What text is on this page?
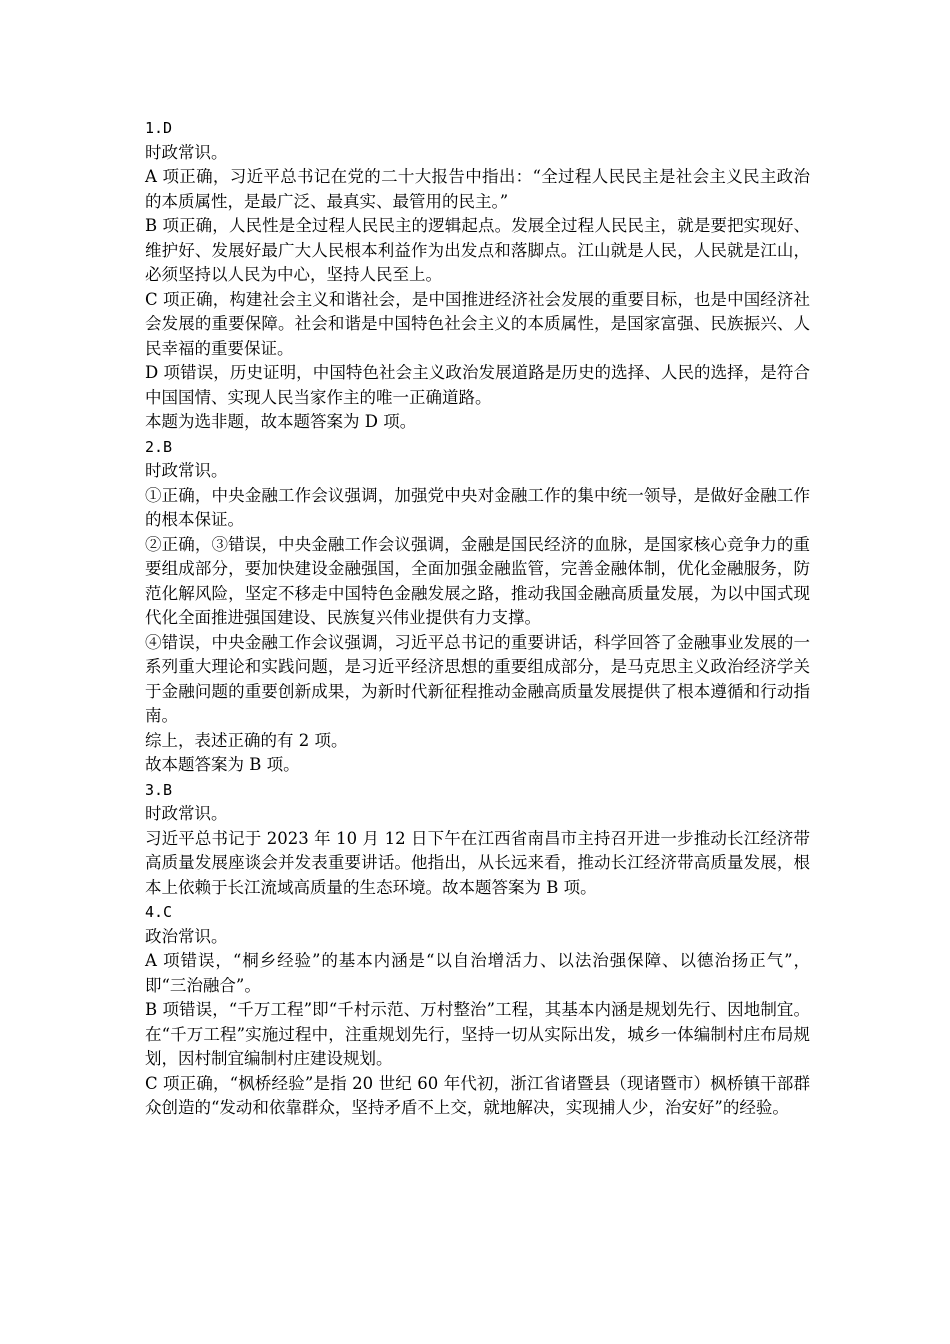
1.D

时政常识。

A 项正确，习近平总书记在党的二十大报告中指出：“全过程人民民主是社会主义民主政治的本质属性，是最广泛、最真实、最管用的民主。”

B 项正确，人民性是全过程人民民主的逻辑起点。发展全过程人民民主，就是要把实现好、维护好、发展好最广大人民根本利益作为出发点和落脚点。江山就是人民，人民就是江山，必须坚持以人民为中心，坚持人民至上。

C 项正确，构建社会主义和谐社会，是中国推进经济社会发展的重要目标，也是中国经济社会发展的重要保障。社会和谐是中国特色社会主义的本质属性，是国家富强、民族振兴、人民幸福的重要保证。

D 项错误，历史证明，中国特色社会主义政治发展道路是历史的选择、人民的选择，是符合中国国情、实现人民当家作主的唯一正确道路。

本题为选非题，故本题答案为 D 项。

2.B

时政常识。

①正确，中央金融工作会议强调，加强党中央对金融工作的集中统一领导，是做好金融工作的根本保证。

②正确，③错误，中央金融工作会议强调，金融是国民经济的血脉，是国家核心竞争力的重要组成部分，要加快建设金融强国，全面加强金融监管，完善金融体制，优化金融服务，防范化解风险，坚定不移走中国特色金融发展之路，推动我国金融高质量发展，为以中国式现代化全面推进强国建设、民族复兴伟业提供有力支撑。

④错误，中央金融工作会议强调，习近平总书记的重要讲话，科学回答了金融事业发展的一系列重大理论和实践问题，是习近平经济思想的重要组成部分，是马克思主义政治经济学关于金融问题的重要创新成果，为新时代新征程推动金融高质量发展提供了根本遵循和行动指南。

综上，表述正确的有 2 项。

故本题答案为 B 项。

3.B

时政常识。

习近平总书记于 2023 年 10 月 12 日下午在江西省南昌市主持召开进一步推动长江经济带高质量发展座谈会并发表重要讲话。他指出，从长远来看，推动长江经济带高质量发展，根本上依赖于长江流域高质量的生态环境。故本题答案为 B 项。

4.C

政治常识。

A 项错误，“桐乡经验”的基本内涵是“以自治增活力、以法治强保障、以德治扬正气”，即“三治融合”。

B 项错误，“千万工程”即“千村示范、万村整治”工程，其基本内涵是规划先行、因地制宜。在“千万工程”实施过程中，注重规划先行，坚持一切从实际出发，城乡一体编制村庄布局规划，因村制宜编制村庄建设规划。

C 项正确，“枫桥经验”是指 20 世纪 60 年代初，浙江省诸暨县（现诸暨市）枫桥镇干部群众创造的“发动和依靠群众，坚持矛盾不上交，就地解决，实现捕人少，治安好”的经验。
